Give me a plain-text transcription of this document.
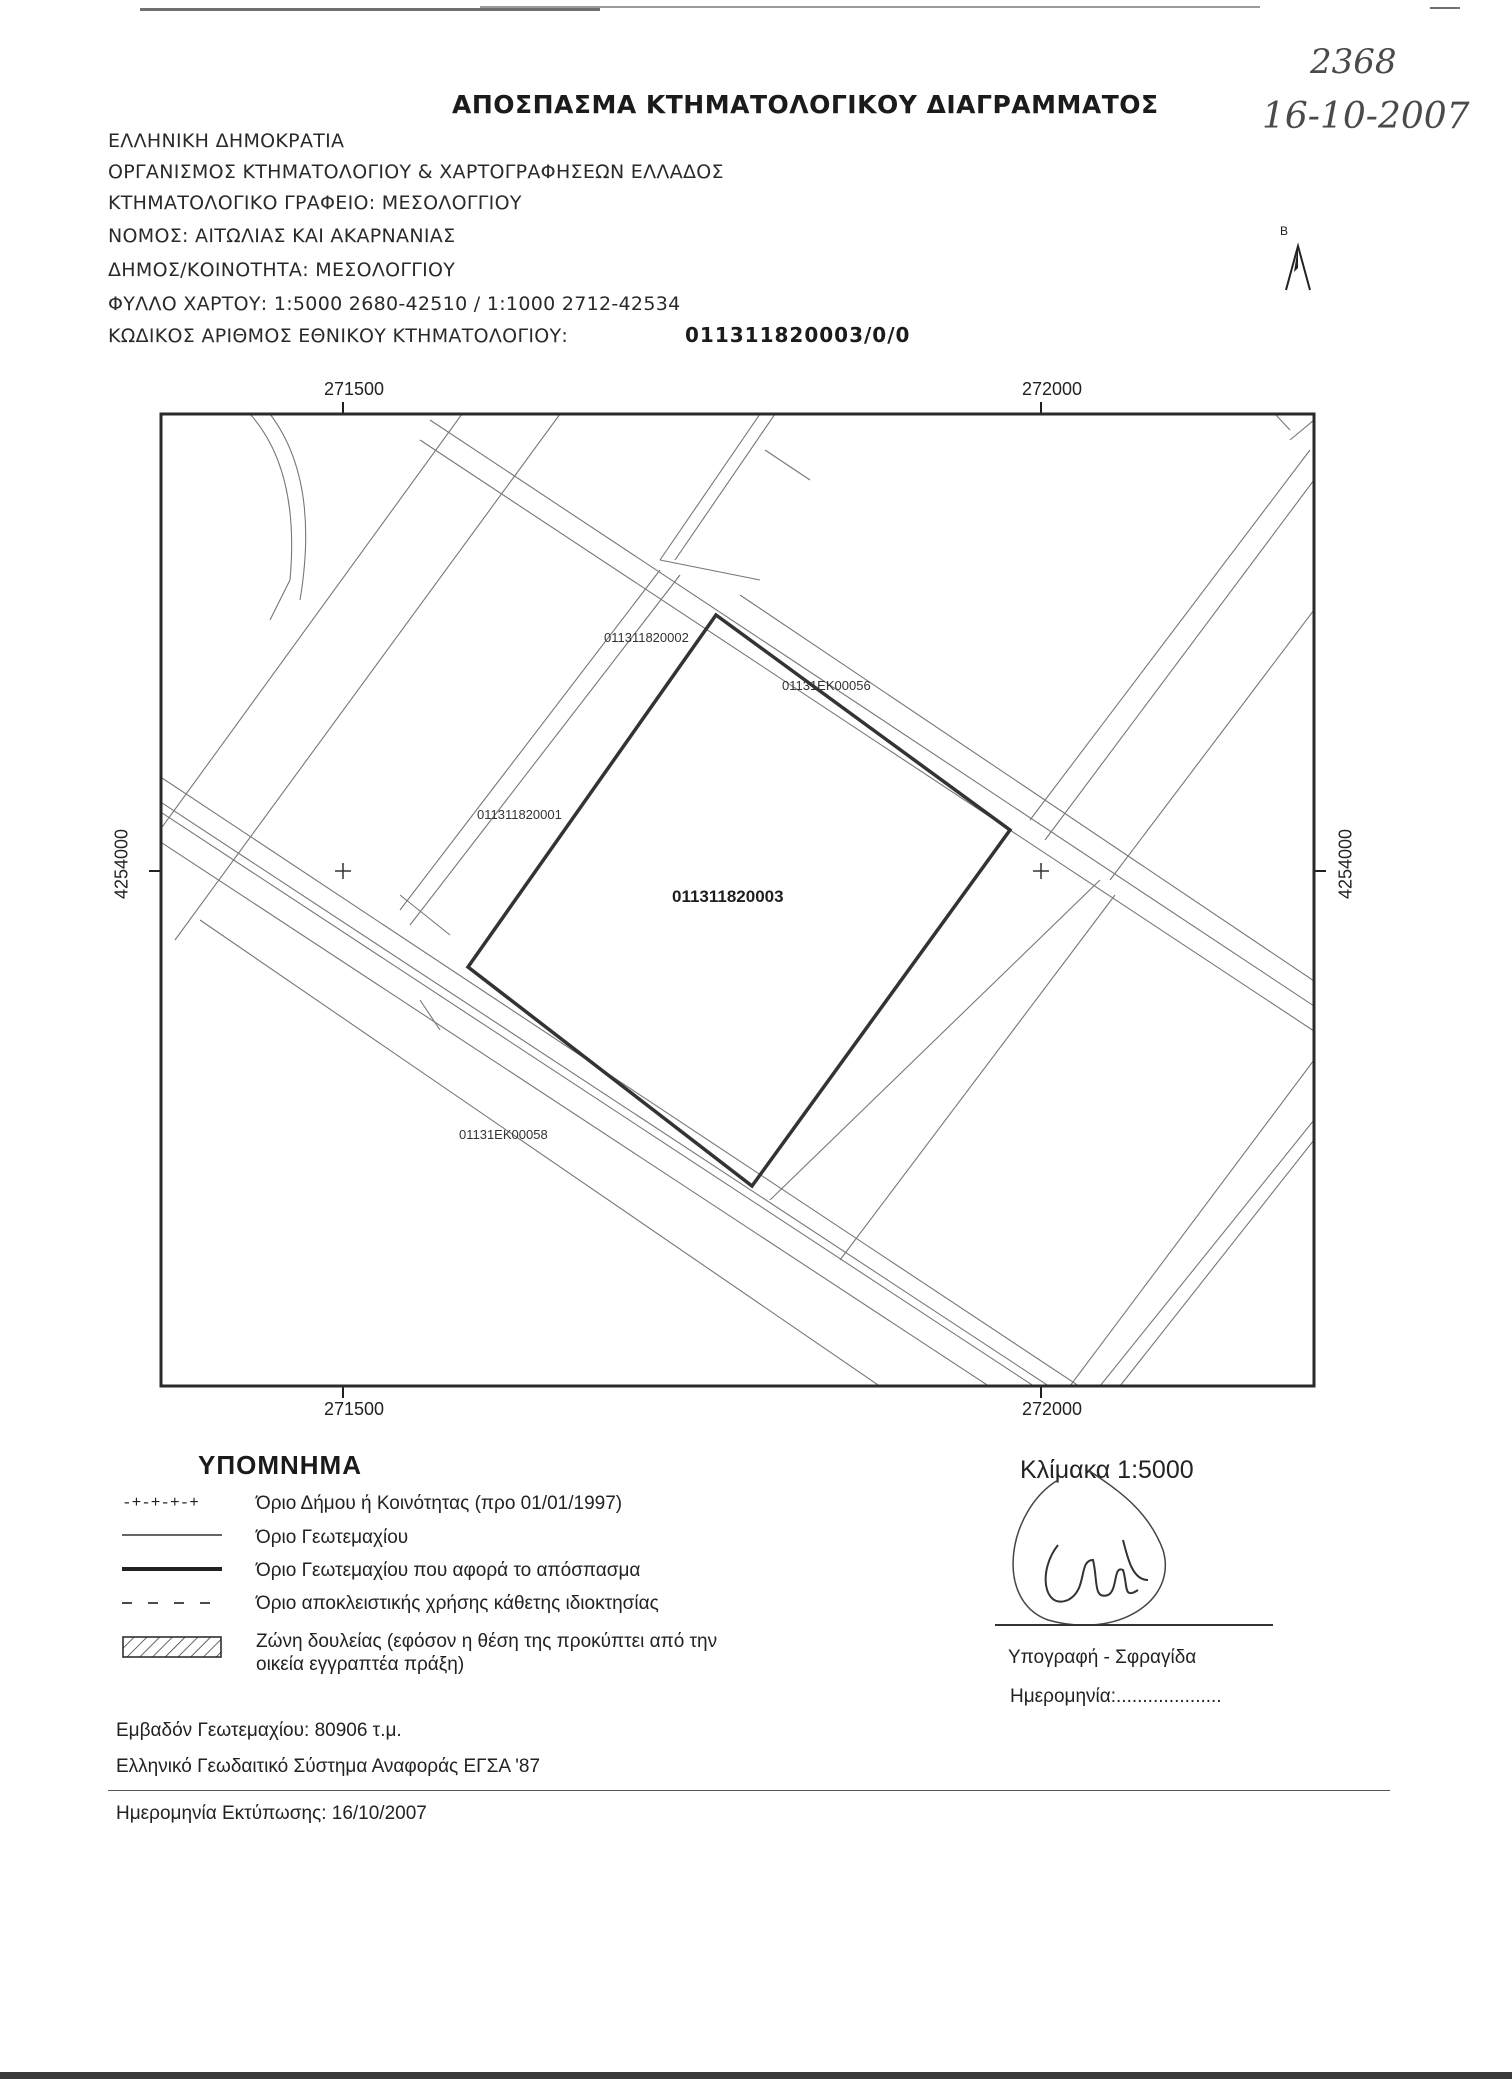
ΑΠΟΣΠΑΣΜΑ ΚΤΗΜΑΤΟΛΟΓΙΚΟΥ ΔΙΑΓΡΑΜΜΑΤΟΣ
2368
16-10-2007
ΕΛΛΗΝΙΚΗ ΔΗΜΟΚΡΑΤΙΑ
ΟΡΓΑΝΙΣΜΟΣ ΚΤΗΜΑΤΟΛΟΓΙΟΥ & ΧΑΡΤΟΓΡΑΦΗΣΕΩΝ ΕΛΛΑΔΟΣ
ΚΤΗΜΑΤΟΛΟΓΙΚΟ ΓΡΑΦΕΙΟ: ΜΕΣΟΛΟΓΓΙΟΥ
ΝΟΜΟΣ: ΑΙΤΩΛΙΑΣ ΚΑΙ ΑΚΑΡΝΑΝΙΑΣ
ΔΗΜΟΣ/ΚΟΙΝΟΤΗΤΑ: ΜΕΣΟΛΟΓΓΙΟΥ
ΦΥΛΛΟ ΧΑΡΤΟΥ: 1:5000 2680-42510 / 1:1000 2712-42534
ΚΩΔΙΚΟΣ ΑΡΙΘΜΟΣ ΕΘΝΙΚΟΥ ΚΤΗΜΑΤΟΛΟΓΙΟΥ:	011311820003/0/0
Β
271500	272000
271500	272000
4254000	4254000
011311820002
011311820001
01131EK00056
01131EK00058
011311820003
ΥΠΟΜΝΗΜΑ
-+-+-+-+	Όριο Δήμου ή Κοινότητας (προ 01/01/1997)
Όριο Γεωτεμαχίου
Όριο Γεωτεμαχίου που αφορά το απόσπασμα
Όριο αποκλειστικής χρήσης κάθετης ιδιοκτησίας
Ζώνη δουλείας (εφόσον η θέση της προκύπτει από την
οικεία εγγραπτέα πράξη)
Κλίμακα 1:5000
Υπογραφή - Σφραγίδα
Ημερομηνία:....................
Εμβαδόν Γεωτεμαχίου: 80906 τ.μ.
Ελληνικό Γεωδαιτικό Σύστημα Αναφοράς ΕΓΣΑ '87
Ημερομηνία Εκτύπωσης: 16/10/2007
